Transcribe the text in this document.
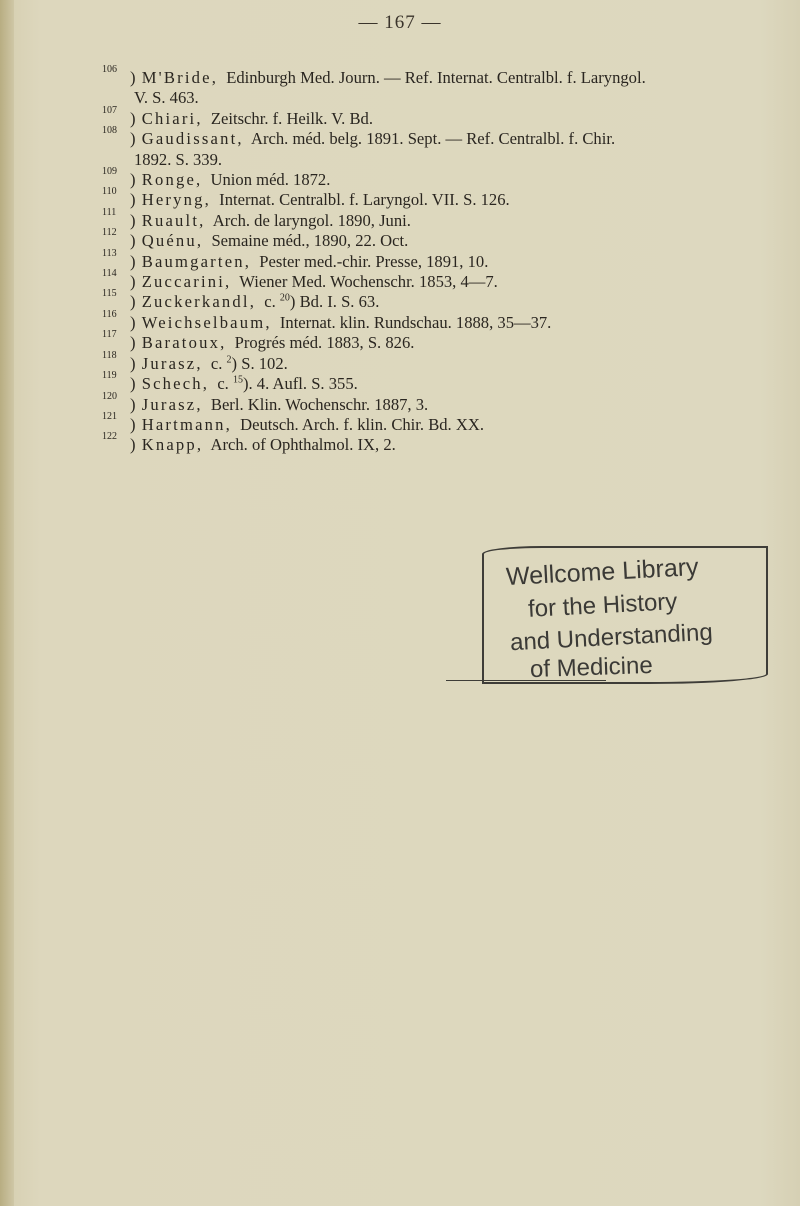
— 167 —
106 ) M'Bride, Edinburgh Med. Journ. — Ref. Internat. Centralbl. f. Laryngol.
V. S. 463.
107 ) Chiari, Zeitschr. f. Heilk. V. Bd.
108 ) Gaudissant, Arch. méd. belg. 1891. Sept. — Ref. Centralbl. f. Chir.
1892. S. 339.
109 ) Ronge, Union méd. 1872.
110 ) Heryng, Internat. Centralbl. f. Laryngol. VII. S. 126.
111 ) Ruault, Arch. de laryngol. 1890, Juni.
112 ) Quénu, Semaine méd., 1890, 22. Oct.
113 ) Baumgarten, Pester med.-chir. Presse, 1891, 10.
114 ) Zuccarini, Wiener Med. Wochenschr. 1853, 4—7.
115 ) Zuckerkandl, c. $^{20}$) Bd. I. S. 63.
116 ) Weichselbaum, Internat. klin. Rundschau. 1888, 35—37.
117 ) Baratoux, Progrés méd. 1883, S. 826.
118 ) Jurasz, c. $^2$) S. 102.
119 ) Schech, c. $^{15}$). 4. Aufl. S. 355.
120 ) Jurasz, Berl. Klin. Wochenschr. 1887, 3.
121 ) Hartmann, Deutsch. Arch. f. klin. Chir. Bd. XX.
122 ) Knapp, Arch. of Ophthalmol. IX, 2.
Wellcome Library
for the History
and Understanding
of Medicine
